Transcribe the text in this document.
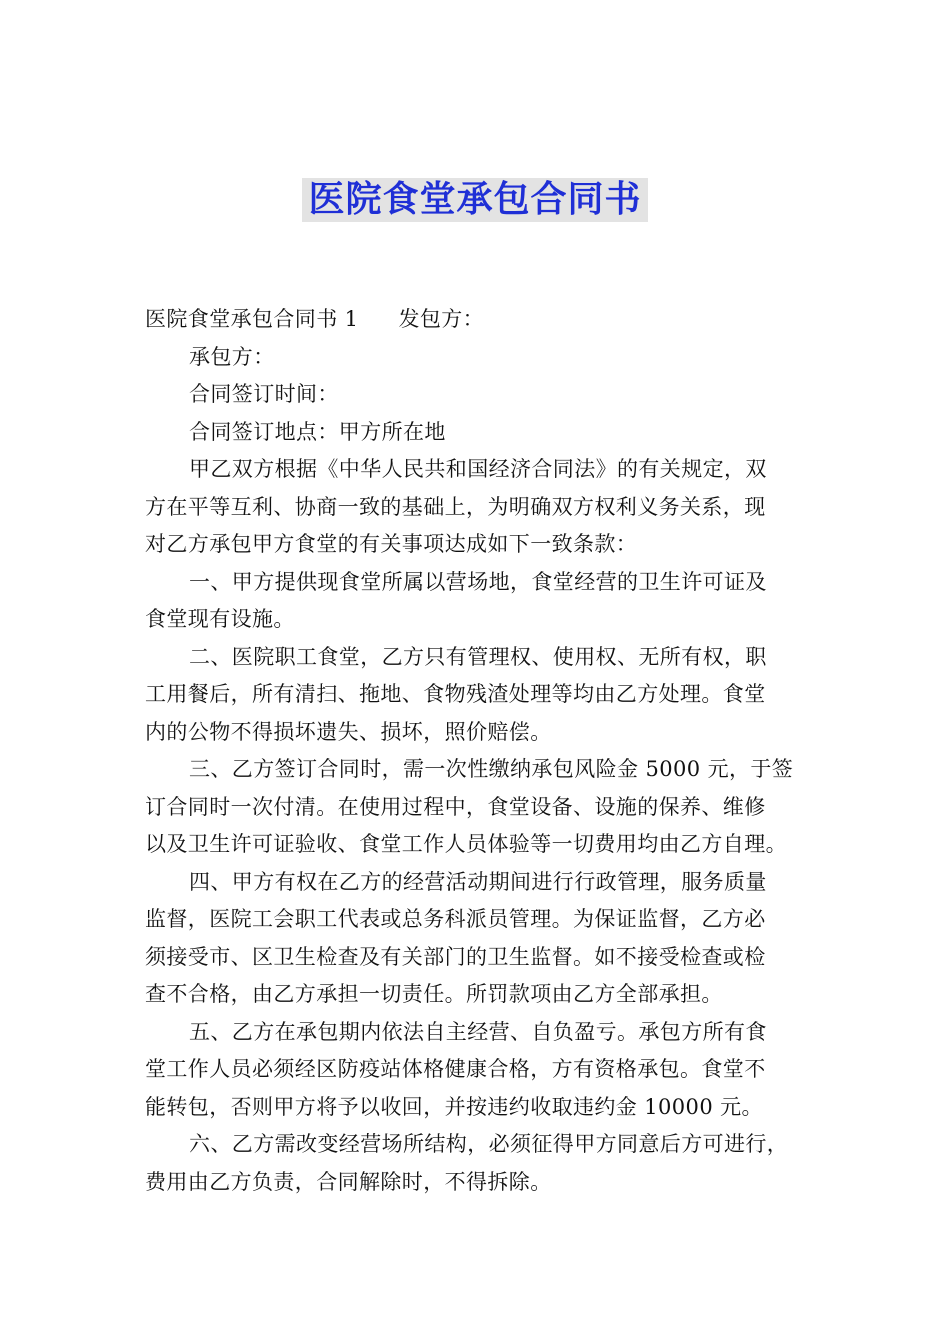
医院食堂承包合同书
医院食堂承包合同书 1 发包方：
承包方：
合同签订时间：
合同签订地点：甲方所在地
甲乙双方根据《中华人民共和国经济合同法》的有关规定，双
方在平等互利、协商一致的基础上，为明确双方权利义务关系，现
对乙方承包甲方食堂的有关事项达成如下一致条款：
一、甲方提供现食堂所属以营场地，食堂经营的卫生许可证及
食堂现有设施。
二、医院职工食堂，乙方只有管理权、使用权、无所有权，职
工用餐后，所有清扫、拖地、食物残渣处理等均由乙方处理。食堂
内的公物不得损坏遗失、损坏，照价赔偿。
三、乙方签订合同时，需一次性缴纳承包风险金 5000 元，于签
订合同时一次付清。在使用过程中，食堂设备、设施的保养、维修
以及卫生许可证验收、食堂工作人员体验等一切费用均由乙方自理。
四、甲方有权在乙方的经营活动期间进行行政管理，服务质量
监督，医院工会职工代表或总务科派员管理。为保证监督，乙方必
须接受市、区卫生检查及有关部门的卫生监督。如不接受检查或检
查不合格，由乙方承担一切责任。所罚款项由乙方全部承担。
五、乙方在承包期内依法自主经营、自负盈亏。承包方所有食
堂工作人员必须经区防疫站体格健康合格，方有资格承包。食堂不
能转包，否则甲方将予以收回，并按违约收取违约金 10000 元。
六、乙方需改变经营场所结构，必须征得甲方同意后方可进行，
费用由乙方负责，合同解除时，不得拆除。
